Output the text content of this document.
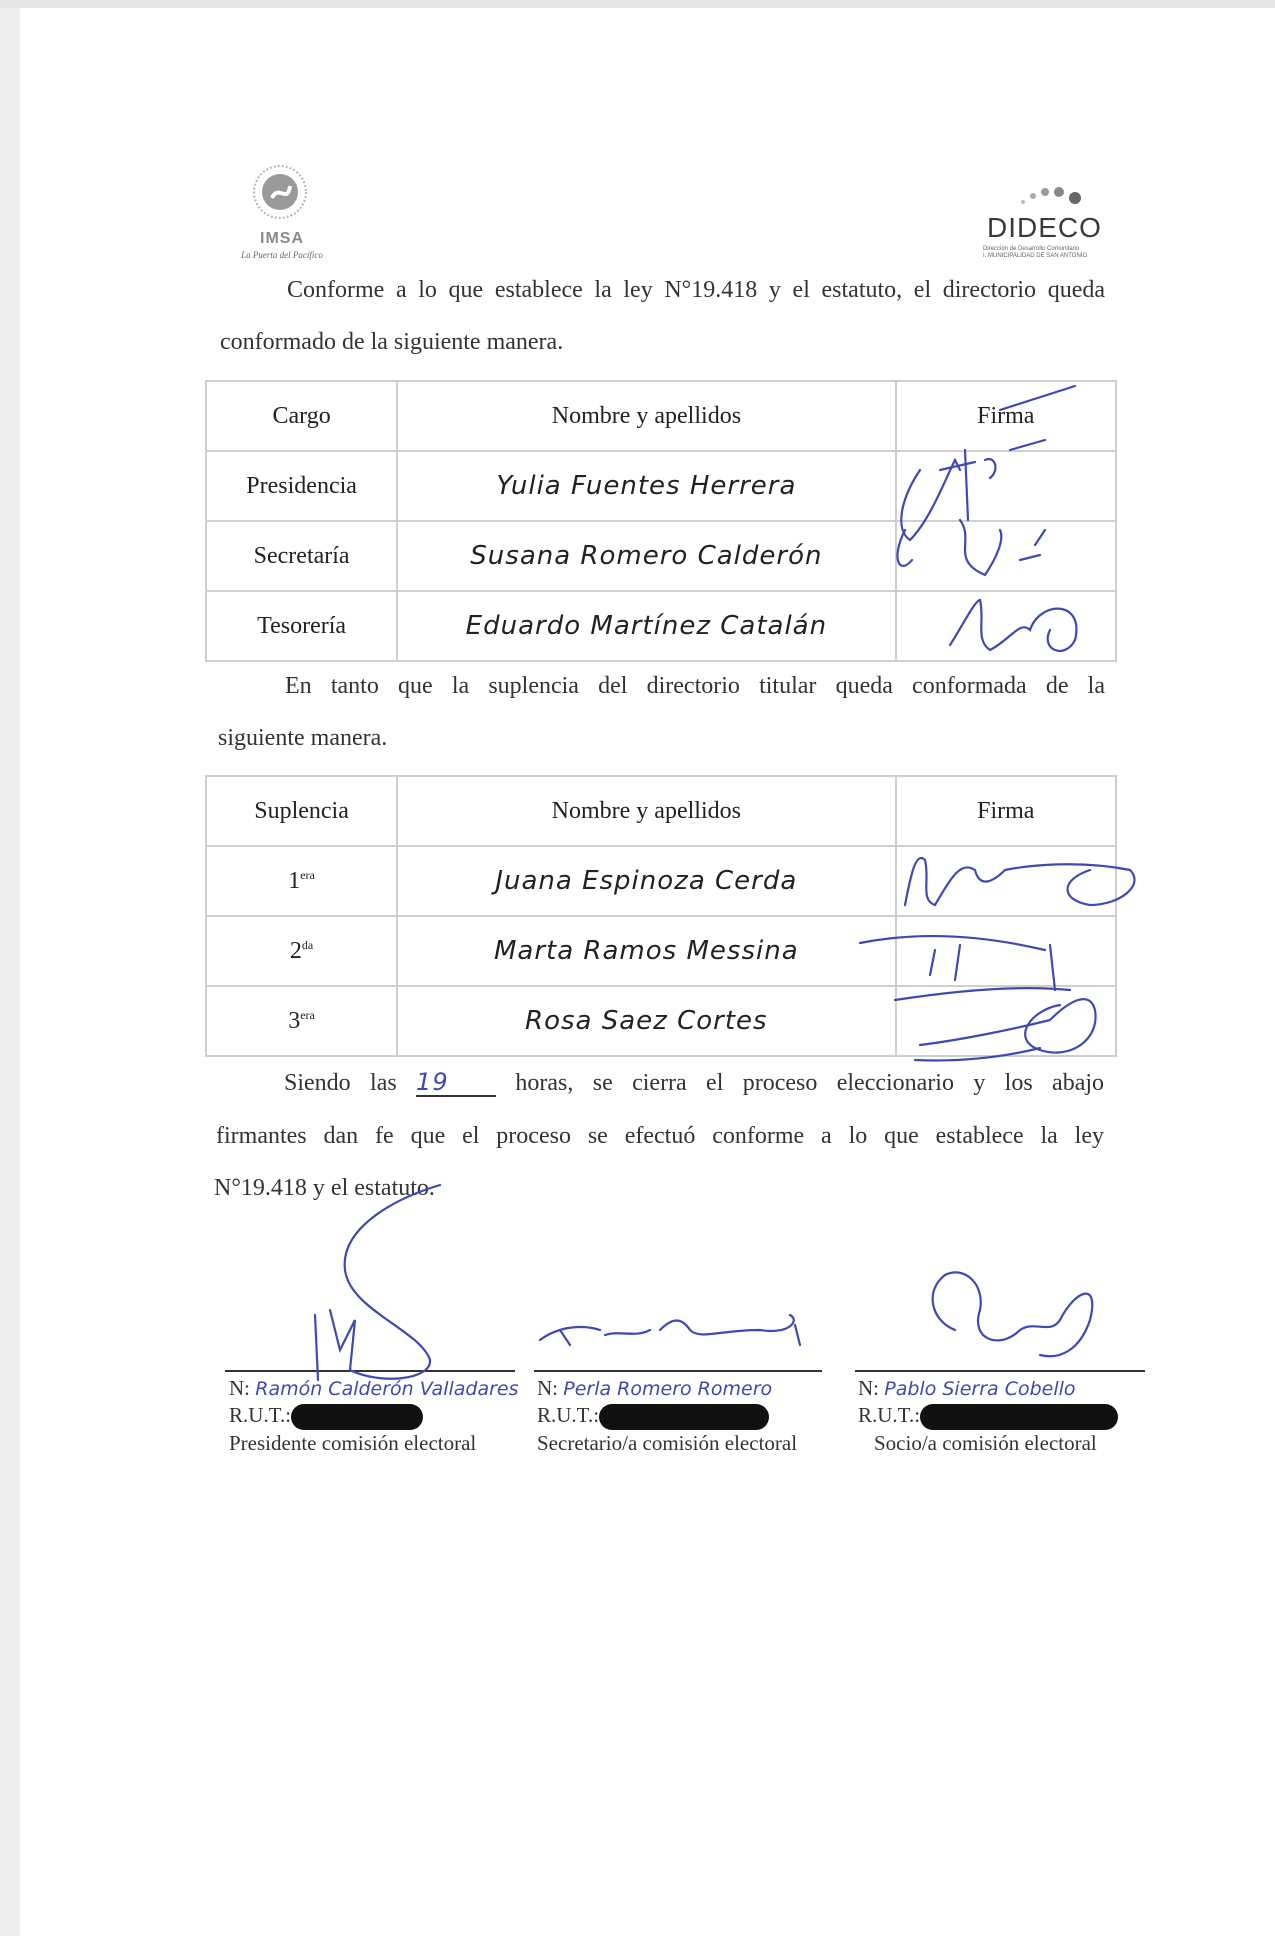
IMSA
La Puerta del Pacífico
DIDECO
Dirección de Desarrollo Comunitario
I. MUNICIPALIDAD DE SAN ANTONIO
Conforme a lo que establece la ley N°19.418 y el estatuto, el directorio queda
conformado de la siguiente manera.
Cargo	Nombre y apellidos	Firma
Presidencia	Yulia Fuentes Herrera	
Secretaría	Susana Romero Calderón	
Tesorería	Eduardo Martínez Catalán	
En tanto que la suplencia del directorio titular queda conformada de la
siguiente manera.
Suplencia	Nombre y apellidos	Firma
$1^{era}$	Juana Espinoza Cerda	
$2^{da}$	Marta Ramos Messina	
$3^{era}$	Rosa Saez Cortes	
Siendo las 19	horas, se cierra el proceso eleccionario y los abajo
firmantes dan fe que el proceso se efectuó conforme a lo que establece la ley
N°19.418 y el estatuto.
N: Ramón Calderón Valladares
R.U.T.:
Presidente comisión electoral
N: Perla Romero Romero
R.U.T.:
Secretario/a comisión electoral
N: Pablo Sierra Cobello
R.U.T.:
Socio/a comisión electoral
